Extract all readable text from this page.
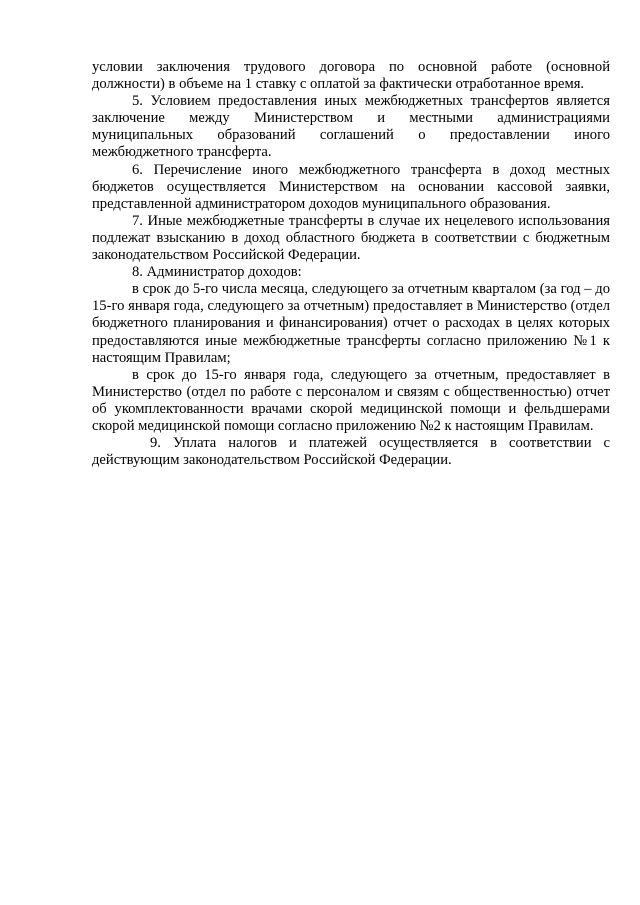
условии заключения трудового договора по основной работе (основной должности) в объеме на 1 ставку с оплатой за фактически отработанное время.

5. Условием предоставления иных межбюджетных трансфертов является заключение между Министерством и местными администрациями муниципальных образований соглашений о предоставлении иного межбюджетного трансферта.

6. Перечисление иного межбюджетного трансферта в доход местных бюджетов осуществляется Министерством на основании кассовой заявки, представленной администратором доходов муниципального образования.

7. Иные межбюджетные трансферты в случае их нецелевого использования подлежат взысканию в доход областного бюджета в соответствии с бюджетным законодательством Российской Федерации.

8. Администратор доходов:

в срок до 5-го числа месяца, следующего за отчетным кварталом (за год – до 15-го января года, следующего за отчетным) предоставляет в Министерство (отдел бюджетного планирования и финансирования) отчет о расходах в целях которых предоставляются иные межбюджетные трансферты согласно приложению №1 к настоящим Правилам;

в срок до 15-го января года, следующего за отчетным, предоставляет в Министерство (отдел по работе с персоналом и связям с общественностью) отчет об укомплектованности врачами скорой медицинской помощи и фельдшерами скорой медицинской помощи согласно приложению №2 к настоящим Правилам.

9. Уплата налогов и платежей осуществляется в соответствии с действующим законодательством Российской Федерации.
